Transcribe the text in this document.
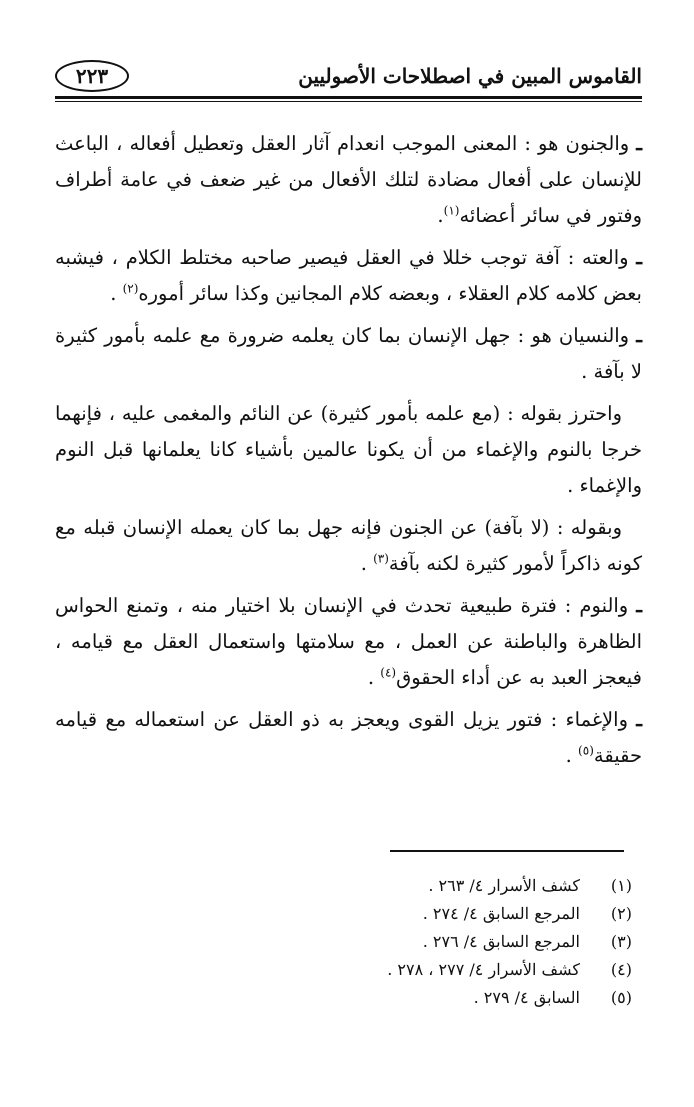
القاموس المبين في اصطلاحات الأصوليين
٢٢٣

ـ والجنون هو : المعنى الموجب انعدام آثار العقل وتعطيل أفعاله ، الباعث للإنسان على أفعال مضادة لتلك الأفعال من غير ضعف في عامة أطراف وفتور في سائر أعضائه$^{(١)}$.

ـ والعته : آفة توجب خللا في العقل فيصير صاحبه مختلط الكلام ، فيشبه بعض كلامه كلام العقلاء ، وبعضه كلام المجانين وكذا سائر أموره$^{(٢)}$ .

ـ والنسيان هو : جهل الإنسان بما كان يعلمه ضرورة مع علمه بأمور كثيرة لا بآفة .

واحترز بقوله : (مع علمه بأمور كثيرة) عن النائم والمغمى عليه ، فإنهما خرجا بالنوم والإغماء من أن يكونا عالمين بأشياء كانا يعلمانها قبل النوم والإغماء .

وبقوله : (لا بآفة) عن الجنون فإنه جهل بما كان يعمله الإنسان قبله مع كونه ذاكراً لأمور كثيرة لكنه بآفة$^{(٣)}$ .

ـ والنوم : فترة طبيعية تحدث في الإنسان بلا اختيار منه ، وتمنع الحواس الظاهرة والباطنة عن العمل ، مع سلامتها واستعمال العقل مع قيامه ، فيعجز العبد به عن أداء الحقوق$^{(٤)}$ .

ـ والإغماء : فتور يزيل القوى ويعجز به ذو العقل عن استعماله مع قيامه حقيقة$^{(٥)}$ .

(١)
كشف الأسرار ٤/ ٢٦٣ .
(٢)
المرجع السابق ٤/ ٢٧٤ .
(٣)
المرجع السابق ٤/ ٢٧٦ .
(٤)
كشف الأسرار ٤/ ٢٧٧ ، ٢٧٨ .
(٥)
السابق ٤/ ٢٧٩ .
